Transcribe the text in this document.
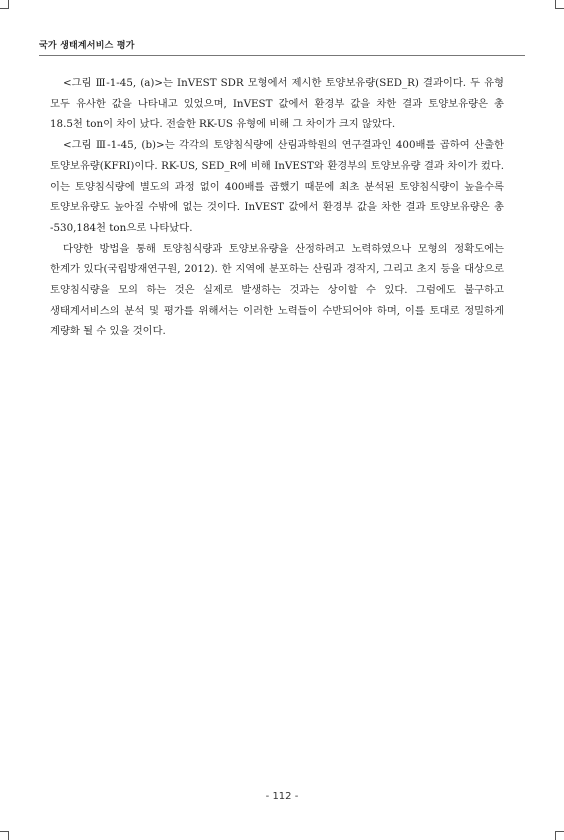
국가 생태계서비스 평가

<그림 Ⅲ-1-45, (a)>는 InVEST SDR 모형에서 제시한 토양보유량(SED_R) 결과이다. 두 유형 모두 유사한 값을 나타내고 있었으며, InVEST 값에서 환경부 값을 차한 결과 토양보유량은 총 18.5천 ton이 차이 났다. 전술한 RK-US 유형에 비해 그 차이가 크지 않았다.

<그림 Ⅲ-1-45, (b)>는 각각의 토양침식량에 산림과학원의 연구결과인 400배를 곱하여 산출한 토양보유량(KFRI)이다. RK-US, SED_R에 비해 InVEST와 환경부의 토양보유량 결과 차이가 컸다. 이는 토양침식량에 별도의 과정 없이 400배를 곱했기 때문에 최초 분석된 토양침식량이 높을수록 토양보유량도 높아질 수밖에 없는 것이다. InVEST 값에서 환경부 값을 차한 결과 토양보유량은 총 -530,184천 ton으로 나타났다.

다양한 방법을 통해 토양침식량과 토양보유량을 산정하려고 노력하였으나 모형의 정확도에는 한계가 있다(국립방재연구원, 2012). 한 지역에 분포하는 산림과 경작지, 그리고 초지 등을 대상으로 토양침식량을 모의 하는 것은 실제로 발생하는 것과는 상이할 수 있다. 그럼에도 불구하고 생태계서비스의 분석 및 평가를 위해서는 이러한 노력들이 수반되어야 하며, 이를 토대로 정밀하게 계량화 될 수 있을 것이다.

- 112 -
